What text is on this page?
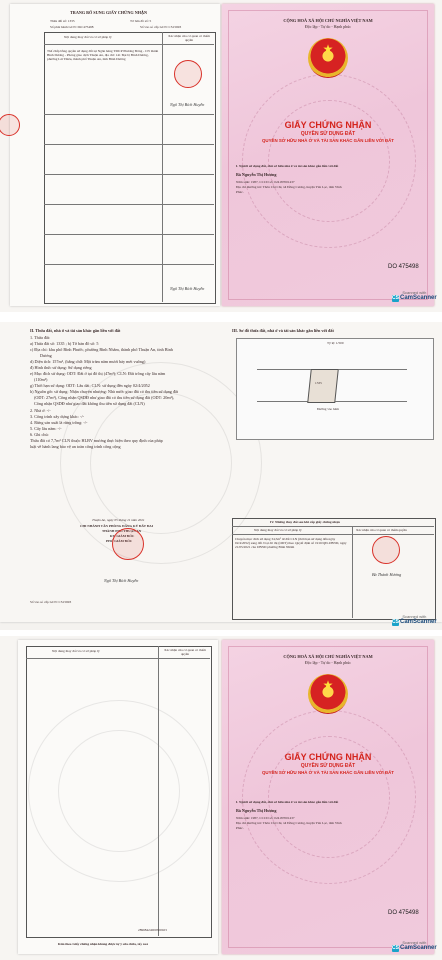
TRANG BỔ SUNG GIẤY CHỨNG NHẬN
Thửa đất số: 1335	Tờ bản đồ số: 5
Số phát hành GCN: DO 475498	Số vào sổ cấp GCN: CS15693
Nội dung thay đổi và cơ sở pháp lý	Xác nhận của cơ quan có thẩm quyền
Thế chấp bằng quyền sử dụng đất tại Ngân hàng TMCP Phương Đông - CN thành Bình Dương - Phòng giao dịch Thuận An, địa chỉ: 141 Đại lộ Bình Dương, phường Lái Thiêu, thành phố Thuận An, tỉnh Bình Dương
Ngô Thị Bích Huyền
Ngô Thị Bích Huyền
CỘNG HOÀ XÃ HỘI CHỦ NGHĨA VIỆT NAM
Độc lập - Tự do - Hạnh phúc
★
GIẤY CHỨNG NHẬN
QUYỀN SỬ DỤNG ĐẤT
QUYỀN SỞ HỮU NHÀ Ở VÀ TÀI SẢN KHÁC GẮN LIỀN VỚI ĐẤT
I. Người sử dụng đất, chủ sở hữu nhà ở và tài sản khác gắn liền với đất
Bà Nguyễn Thị Hương
Năm sinh: 1987, CCCD số: 024187001437
Địa chỉ thường trú: Thôn Chi Chỉ, xã Đồng Cương, huyện Yên Lạc, tỉnh Vĩnh
Phúc.
DO 475498
Scanned with
CSCamScanner
II. Thửa đất, nhà ở và tài sản khác gắn liền với đất
1. Thửa đất:
a) Thửa đất số: 1335 ; b) Tờ bản đồ số: 5
c) Địa chỉ: khu phố Bình Phước, phường Bình Nhâm, thành phố Thuận An, tỉnh Bình
Dương
d) Diện tích: 157m², (bằng chữ: Một trăm năm mươi bảy mét vuông)
đ) Hình thức sử dụng: Sử dụng riêng
e) Mục đích sử dụng: ODT: Đất ở tại đô thị (47m²); CLN: Đất trồng cây lâu năm
(110m²)
g) Thời hạn sử dụng: ODT: Lâu dài; CLN: sử dụng đến ngày 02/4/2052
h) Nguồn gốc sử dụng: Nhận chuyển nhượng: Nhà nước giao đất có thu tiền sử dụng đất
(ODT: 27m²), Công nhận QSDĐ như giao đất có thu tiền sử dụng đất (ODT: 20m²),
Công nhận QSDĐ như giao đất không thu tiền sử dụng đất (CLN)
2. Nhà ở: -/-
3. Công trình xây dựng khác: -/-
4. Rừng sản xuất là rừng trồng: -/-
5. Cây lâu năm: -/-
6. Ghi chú:
Thửa đất có 7,7m² CLN thuộc HLBV mương thực hiện theo quy định của pháp
luật về hành lang bảo vệ an toàn công trình công cộng
Thuận An, ngày 05 tháng 11 năm 2021
CHI NHÁNH VĂN PHÒNG ĐĂNG KÝ ĐẤT ĐAI
THÀNH PHỐ THUẬN AN
KT. GIÁM ĐỐC
PHÓ GIÁM ĐỐC
Ngô Thị Bích Huyền
Số vào sổ cấp GCN: CS15693
III. Sơ đồ thửa đất, nhà ở và tài sản khác gắn liền với đất
Tỷ lệ: 1/500
1335
Đường vào hẻm
IV. Những thay đổi sau khi cấp giấy chứng nhận
Nội dung thay đổi và cơ sở pháp lý	Xác nhận của cơ quan có thẩm quyền
Chuyển mục đích sử dụng 34,5m² từ đất CLN (thời hạn sử dụng đến ngày 02/4/2052) sang đất ở tại đô thị (ODT) theo Quyết định số 1910/QĐ-UBND, ngày 21/05/2021 của UBND phường Bình Nhâm
Bà Thánh Hương
Scanned with
CSCamScanner
Nội dung thay đổi và cơ sở pháp lý	Xác nhận của cơ quan có thẩm quyền
28968424000500023
Kim theo Giấy chứng nhận không được tự ý sửa chữa, tẩy xoá
CỘNG HOÀ XÃ HỘI CHỦ NGHĨA VIỆT NAM
Độc lập - Tự do - Hạnh phúc
★
GIẤY CHỨNG NHẬN
QUYỀN SỬ DỤNG ĐẤT
QUYỀN SỞ HỮU NHÀ Ở VÀ TÀI SẢN KHÁC GẮN LIỀN VỚI ĐẤT
I. Người sử dụng đất, chủ sở hữu nhà ở và tài sản khác gắn liền với đất
Bà Nguyễn Thị Hương
Năm sinh: 1987, CCCD số: 024187001437
Địa chỉ thường trú: Thôn Chi Chỉ, xã Đồng Cương, huyện Yên Lạc, tỉnh Vĩnh
Phúc.
DO 475498
Scanned with
CSCamScanner
